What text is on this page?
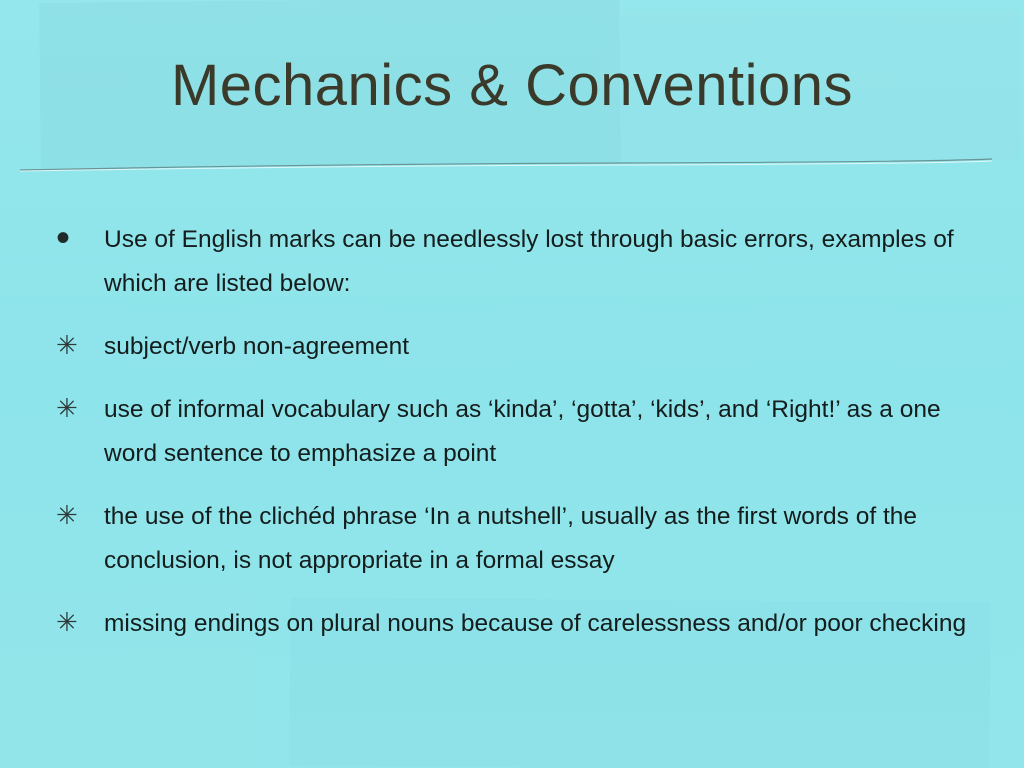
Mechanics & Conventions
•	Use of English marks can be needlessly lost through basic errors, examples of which are listed below:
✳	subject/verb non-agreement
✳	use of informal vocabulary such as ‘kinda’, ‘gotta’, ‘kids’, and ‘Right!’ as a one word sentence to emphasize a point
✳	the use of the clichéd phrase ‘In a nutshell’, usually as the first words of the conclusion, is not appropriate in a formal essay
✳	missing endings on plural nouns because of carelessness and/or poor checking
